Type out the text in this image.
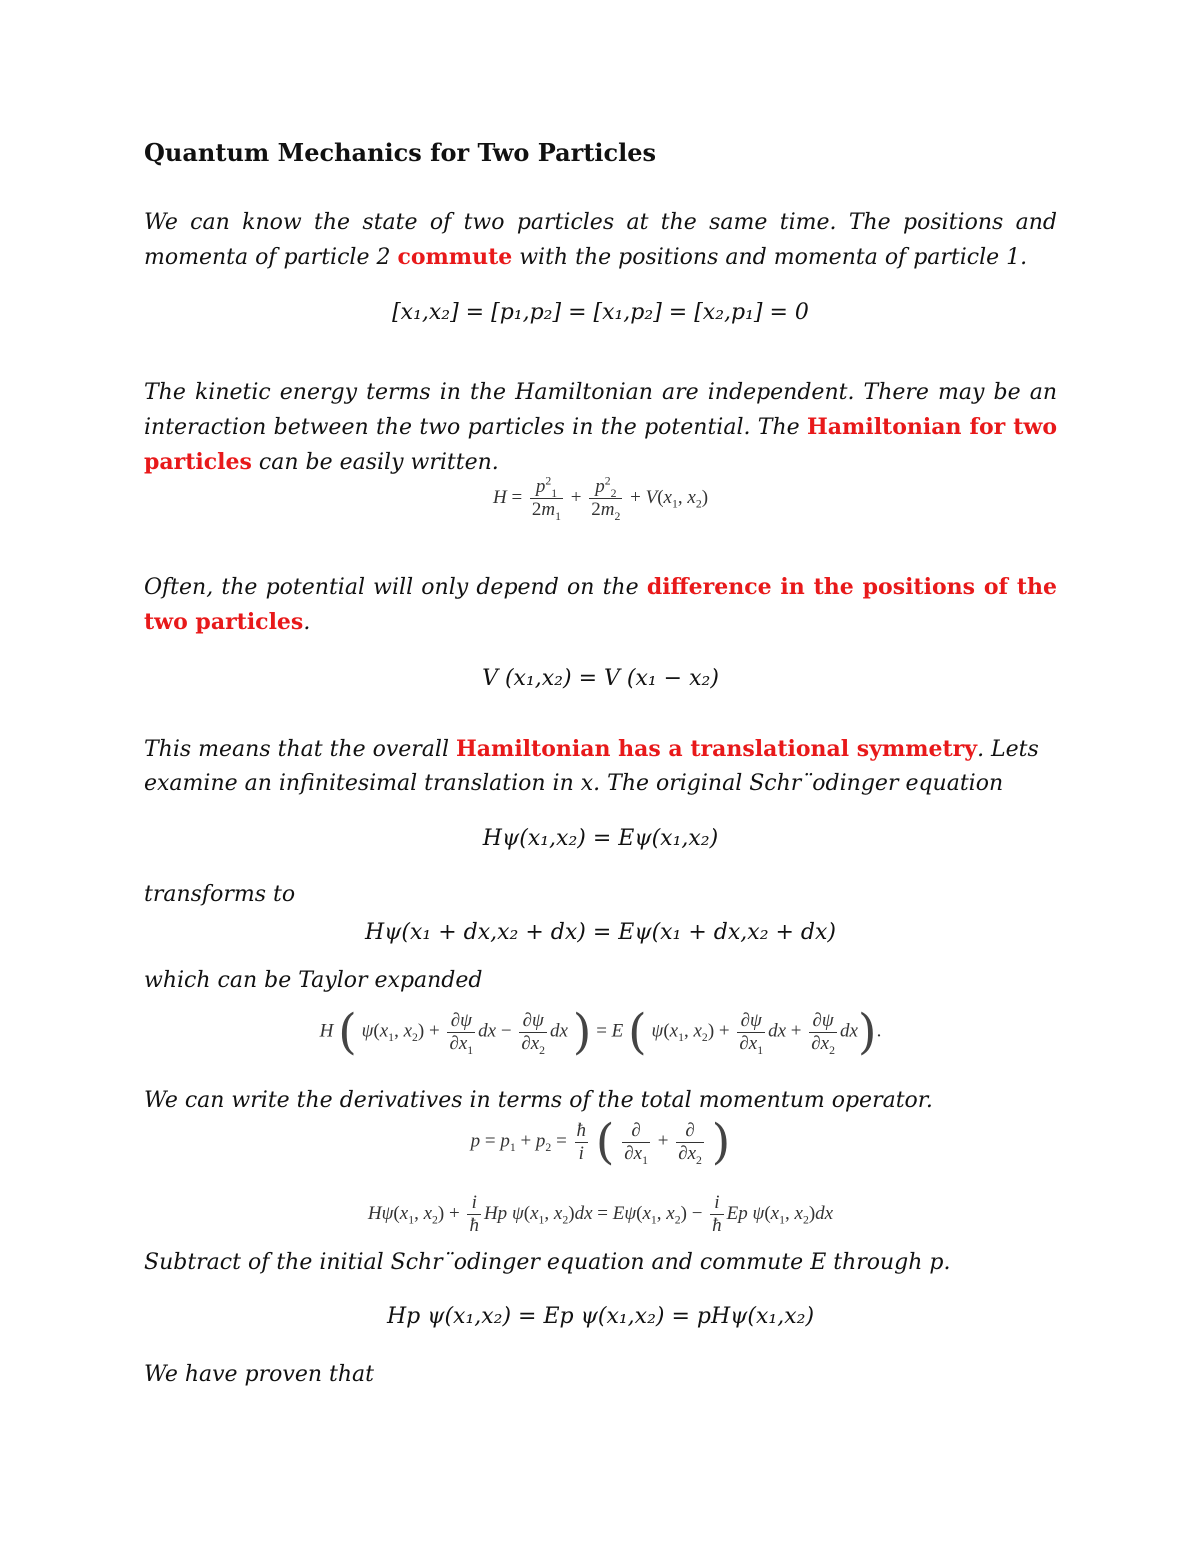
Quantum Mechanics for Two Particles
We can know the state of two particles at the same time. The positions and momenta of particle 2 commute with the positions and momenta of particle 1.
[x₁,x₂] = [p₁,p₂] = [x₁,p₂] = [x₂,p₁] = 0
The kinetic energy terms in the Hamiltonian are independent. There may be an interaction between the two particles in the potential. The Hamiltonian for two particles can be easily written.
$H = \frac{p^2_1}{2m_1} + \frac{p^2_2}{2m_2} + V(x_1$, $x_2$)
Often, the potential will only depend on the difference in the positions of the two particles.
V (x₁,x₂) = V (x₁ − x₂)
This means that the overall Hamiltonian has a translational symmetry. Lets examine an infinitesimal translation in x. The original Schr¨odinger equation
Hψ(x₁,x₂) = Eψ(x₁,x₂)
transforms to
Hψ(x₁ + dx,x₂ + dx) = Eψ(x₁ + dx,x₂ + dx)
which can be Taylor expanded
H ( $\psi(x_1$, $x_2) + \frac{\partial\psi}{\partial x_1}$ dx − $\frac{\partial\psi}{\partial x_2}$ dx ) = E ( $\psi(x_1$, $x_2) + \frac{\partial\psi}{\partial x_1}$ dx + $\frac{\partial\psi}{\partial x_2} dx$).
We can write the derivatives in terms of the total momentum operator.
$p = p_1 + p_2 = \frac{ħ}{i}$ ( $\frac{\partial}{\partial x_1} + \frac{\partial}{\partial x_2}$ )
$H\psi(x_1$, $x_2) + \frac{i}{ħ}$ Hp $\psi(x_1$, $x_2)dx = E\psi(x_1$, $x_2) - \frac{i}{ħ}$ Ep $\psi(x_1$, $x_2)dx$
Subtract of the initial Schr¨odinger equation and commute E through p.
Hp ψ(x₁,x₂) = Ep ψ(x₁,x₂) = pHψ(x₁,x₂)
We have proven that
